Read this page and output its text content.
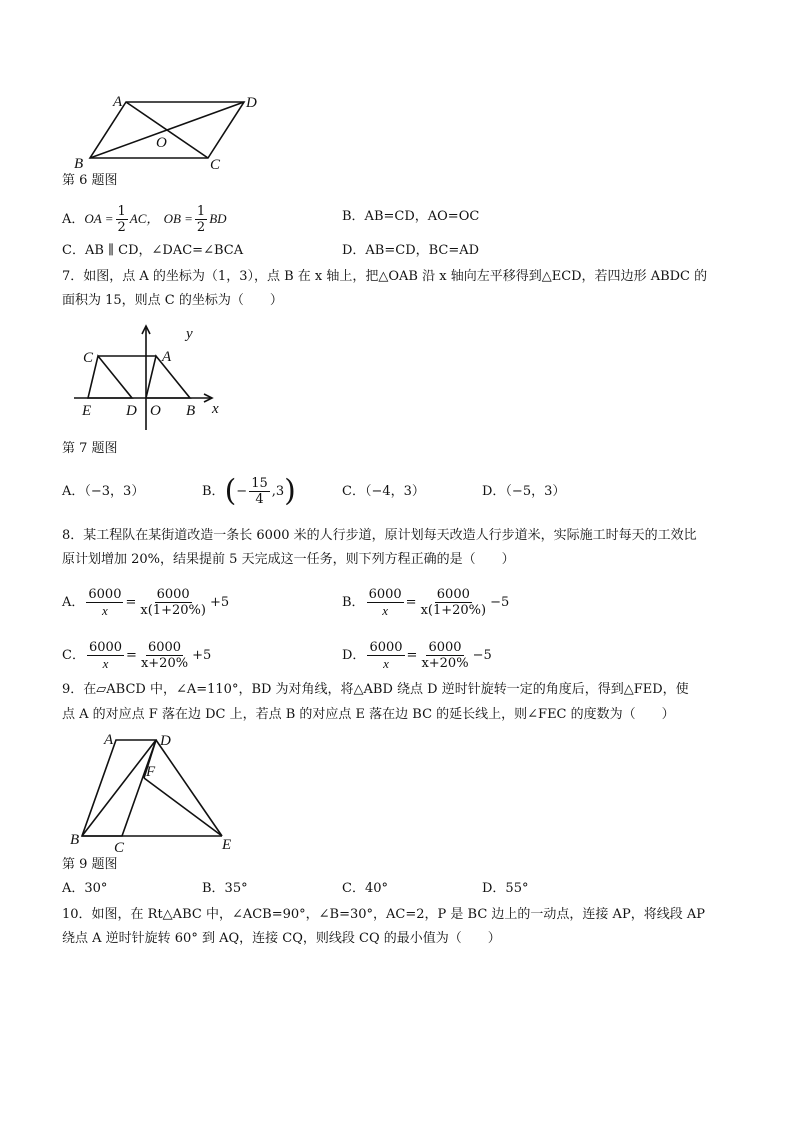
A	D
B	C
O
第 6 题图
A．OA = $\frac{1}{2}$ AC， OB = $\frac{1}{2}$ BD	B．AB=CD，AO=OC
C．AB ∥ CD，∠DAC=∠BCA	D．AB=CD，BC=AD
7．如图，点 A 的坐标为（1，3），点 B 在 x 轴上，把△OAB 沿 x 轴向左平移得到△ECD，若四边形 ABDC 的
面积为 15，则点 C 的坐标为（　　）
y
C	A
E D O B x
第 7 题图
A．（−3，3）	B．(− $\frac{15}{4} ,3$)	C．（−4，3）	D．（−5，3）
8．某工程队在某街道改造一条长 6000 米的人行步道，原计划每天改造人行步道米，实际施工时每天的工效比
原计划增加 20%，结果提前 5 天完成这一任务，则下列方程正确的是（　　）
A． $\frac{6000}{x} = \frac{6000}{x(1+20\%)} +5$	B． $\frac{6000}{x} = \frac{6000}{x(1+20\%)} -5$
C． $\frac{6000}{x} = \frac{6000}{x+20\%} +5$	D． $\frac{6000}{x} = \frac{6000}{x+20\%} -5$
9．在▱ABCD 中，∠A=110°，BD 为对角线，将△ABD 绕点 D 逆时针旋转一定的角度后，得到△FED，使
点 A 的对应点 F 落在边 DC 上，若点 B 的对应点 E 落在边 BC 的延长线上，则∠FEC 的度数为（　　）
A	D
F
B C	E
第 9 题图
A．30°	B．35°	C．40°	D．55°
10．如图，在 Rt△ABC 中，∠ACB=90°，∠B=30°，AC=2，P 是 BC 边上的一动点，连接 AP，将线段 AP
绕点 A 逆时针旋转 60° 到 AQ，连接 CQ，则线段 CQ 的最小值为（　　）
